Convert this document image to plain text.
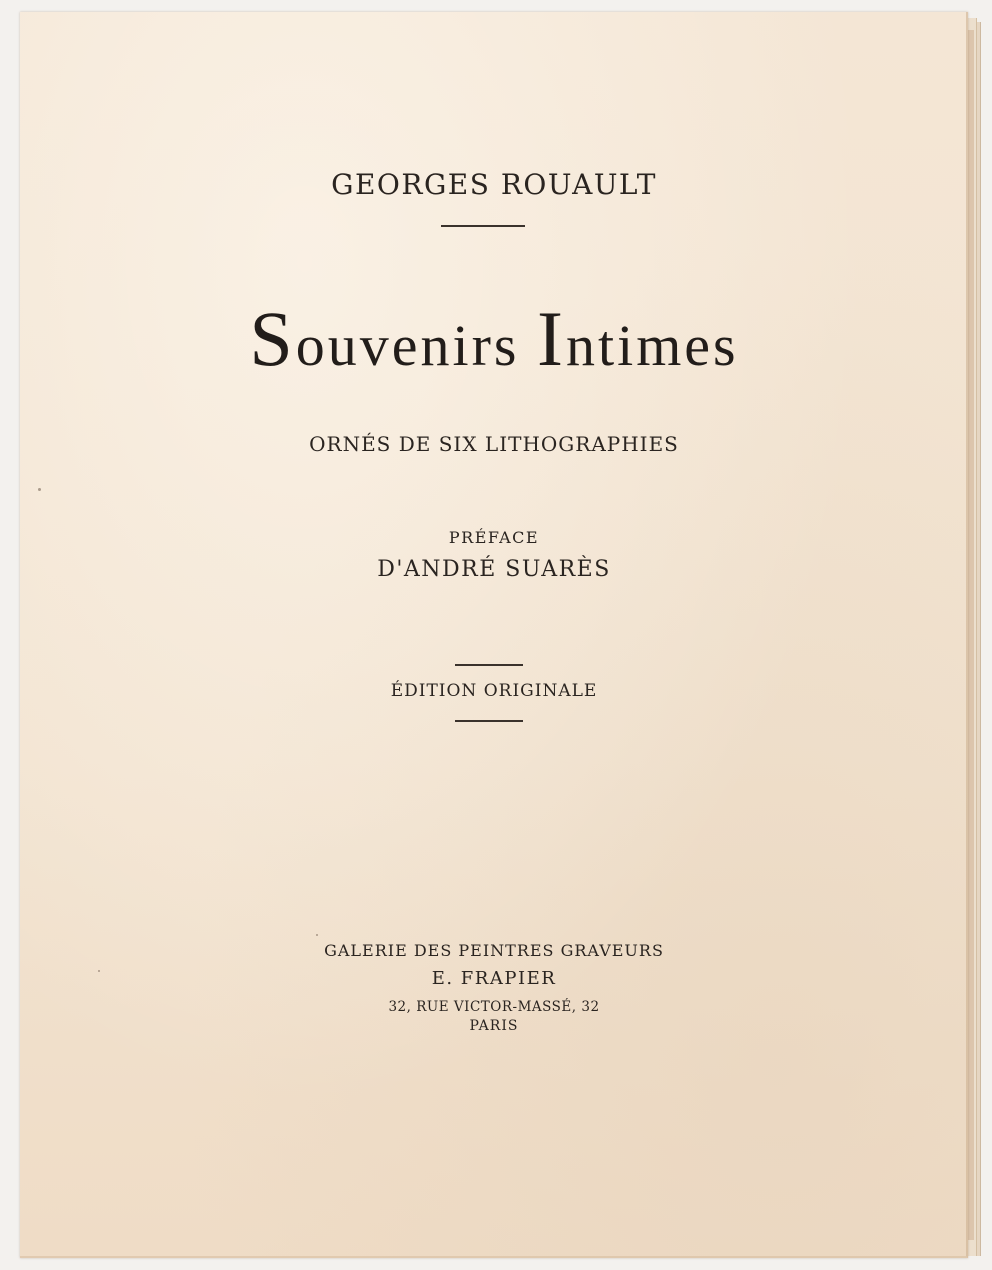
GEORGES ROUAULT
Souvenirs Intimes
ORNÉS DE SIX LITHOGRAPHIES
PRÉFACE
D'ANDRÉ SUARÈS
ÉDITION ORIGINALE
GALERIE DES PEINTRES GRAVEURS
E. FRAPIER
32, RUE VICTOR-MASSÉ, 32
PARIS
